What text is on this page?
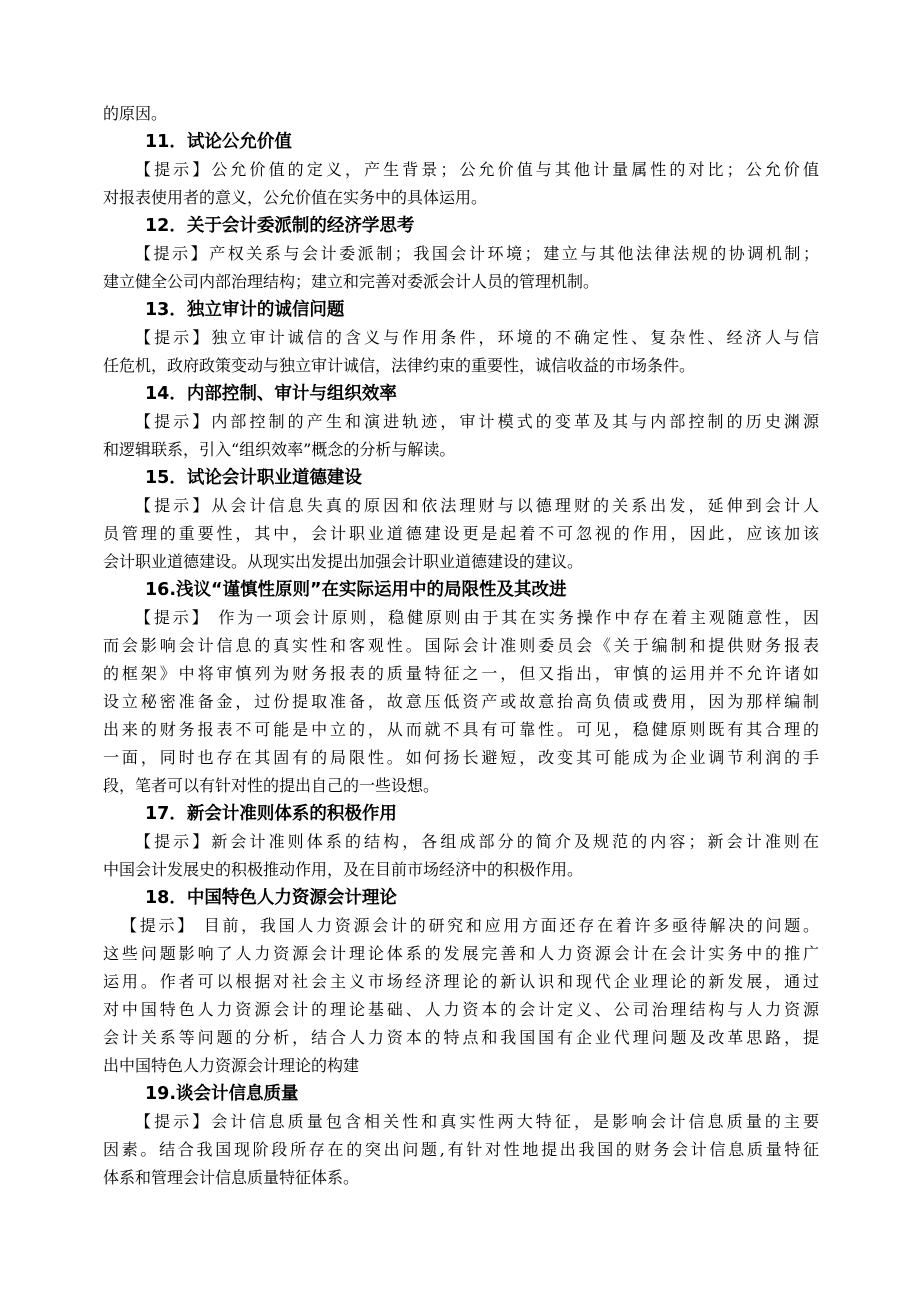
的原因。
11．试论公允价值
【提示】公允价值的定义，产生背景；公允价值与其他计量属性的对比；公允价值
对报表使用者的意义，公允价值在实务中的具体运用。
12．关于会计委派制的经济学思考
【提示】产权关系与会计委派制；我国会计环境；建立与其他法律法规的协调机制；
建立健全公司内部治理结构；建立和完善对委派会计人员的管理机制。
13．独立审计的诚信问题
【提示】独立审计诚信的含义与作用条件，环境的不确定性、复杂性、经济人与信
任危机，政府政策变动与独立审计诚信，法律约束的重要性，诚信收益的市场条件。
14．内部控制、审计与组织效率
【提示】内部控制的产生和演进轨迹，审计模式的变革及其与内部控制的历史渊源
和逻辑联系，引入“组织效率”概念的分析与解读。
15．试论会计职业道德建设
【提示】从会计信息失真的原因和依法理财与以德理财的关系出发，延伸到会计人
员管理的重要性，其中，会计职业道德建设更是起着不可忽视的作用，因此，应该加该
会计职业道德建设。从现实出发提出加强会计职业道德建设的建议。
16.浅议“谨慎性原则”在实际运用中的局限性及其改进
【提示】 作为一项会计原则，稳健原则由于其在实务操作中存在着主观随意性，因
而会影响会计信息的真实性和客观性。国际会计准则委员会《关于编制和提供财务报表
的框架》中将审慎列为财务报表的质量特征之一，但又指出，审慎的运用并不允许诸如
设立秘密准备金，过份提取准备，故意压低资产或故意抬高负债或费用，因为那样编制
出来的财务报表不可能是中立的，从而就不具有可靠性。可见，稳健原则既有其合理的
一面，同时也存在其固有的局限性。如何扬长避短，改变其可能成为企业调节利润的手
段，笔者可以有针对性的提出自己的一些设想。
17．新会计准则体系的积极作用
【提示】新会计准则体系的结构，各组成部分的简介及规范的内容；新会计准则在
中国会计发展史的积极推动作用，及在目前市场经济中的积极作用。
18．中国特色人力资源会计理论
【提示】 目前，我国人力资源会计的研究和应用方面还存在着许多亟待解决的问题。
这些问题影响了人力资源会计理论体系的发展完善和人力资源会计在会计实务中的推广
运用。作者可以根据对社会主义市场经济理论的新认识和现代企业理论的新发展，通过
对中国特色人力资源会计的理论基础、人力资本的会计定义、公司治理结构与人力资源
会计关系等问题的分析，结合人力资本的特点和我国国有企业代理问题及改革思路，提
出中国特色人力资源会计理论的构建
19.谈会计信息质量
【提示】会计信息质量包含相关性和真实性两大特征，是影响会计信息质量的主要
因素。结合我国现阶段所存在的突出问题,有针对性地提出我国的财务会计信息质量特征
体系和管理会计信息质量特征体系。
